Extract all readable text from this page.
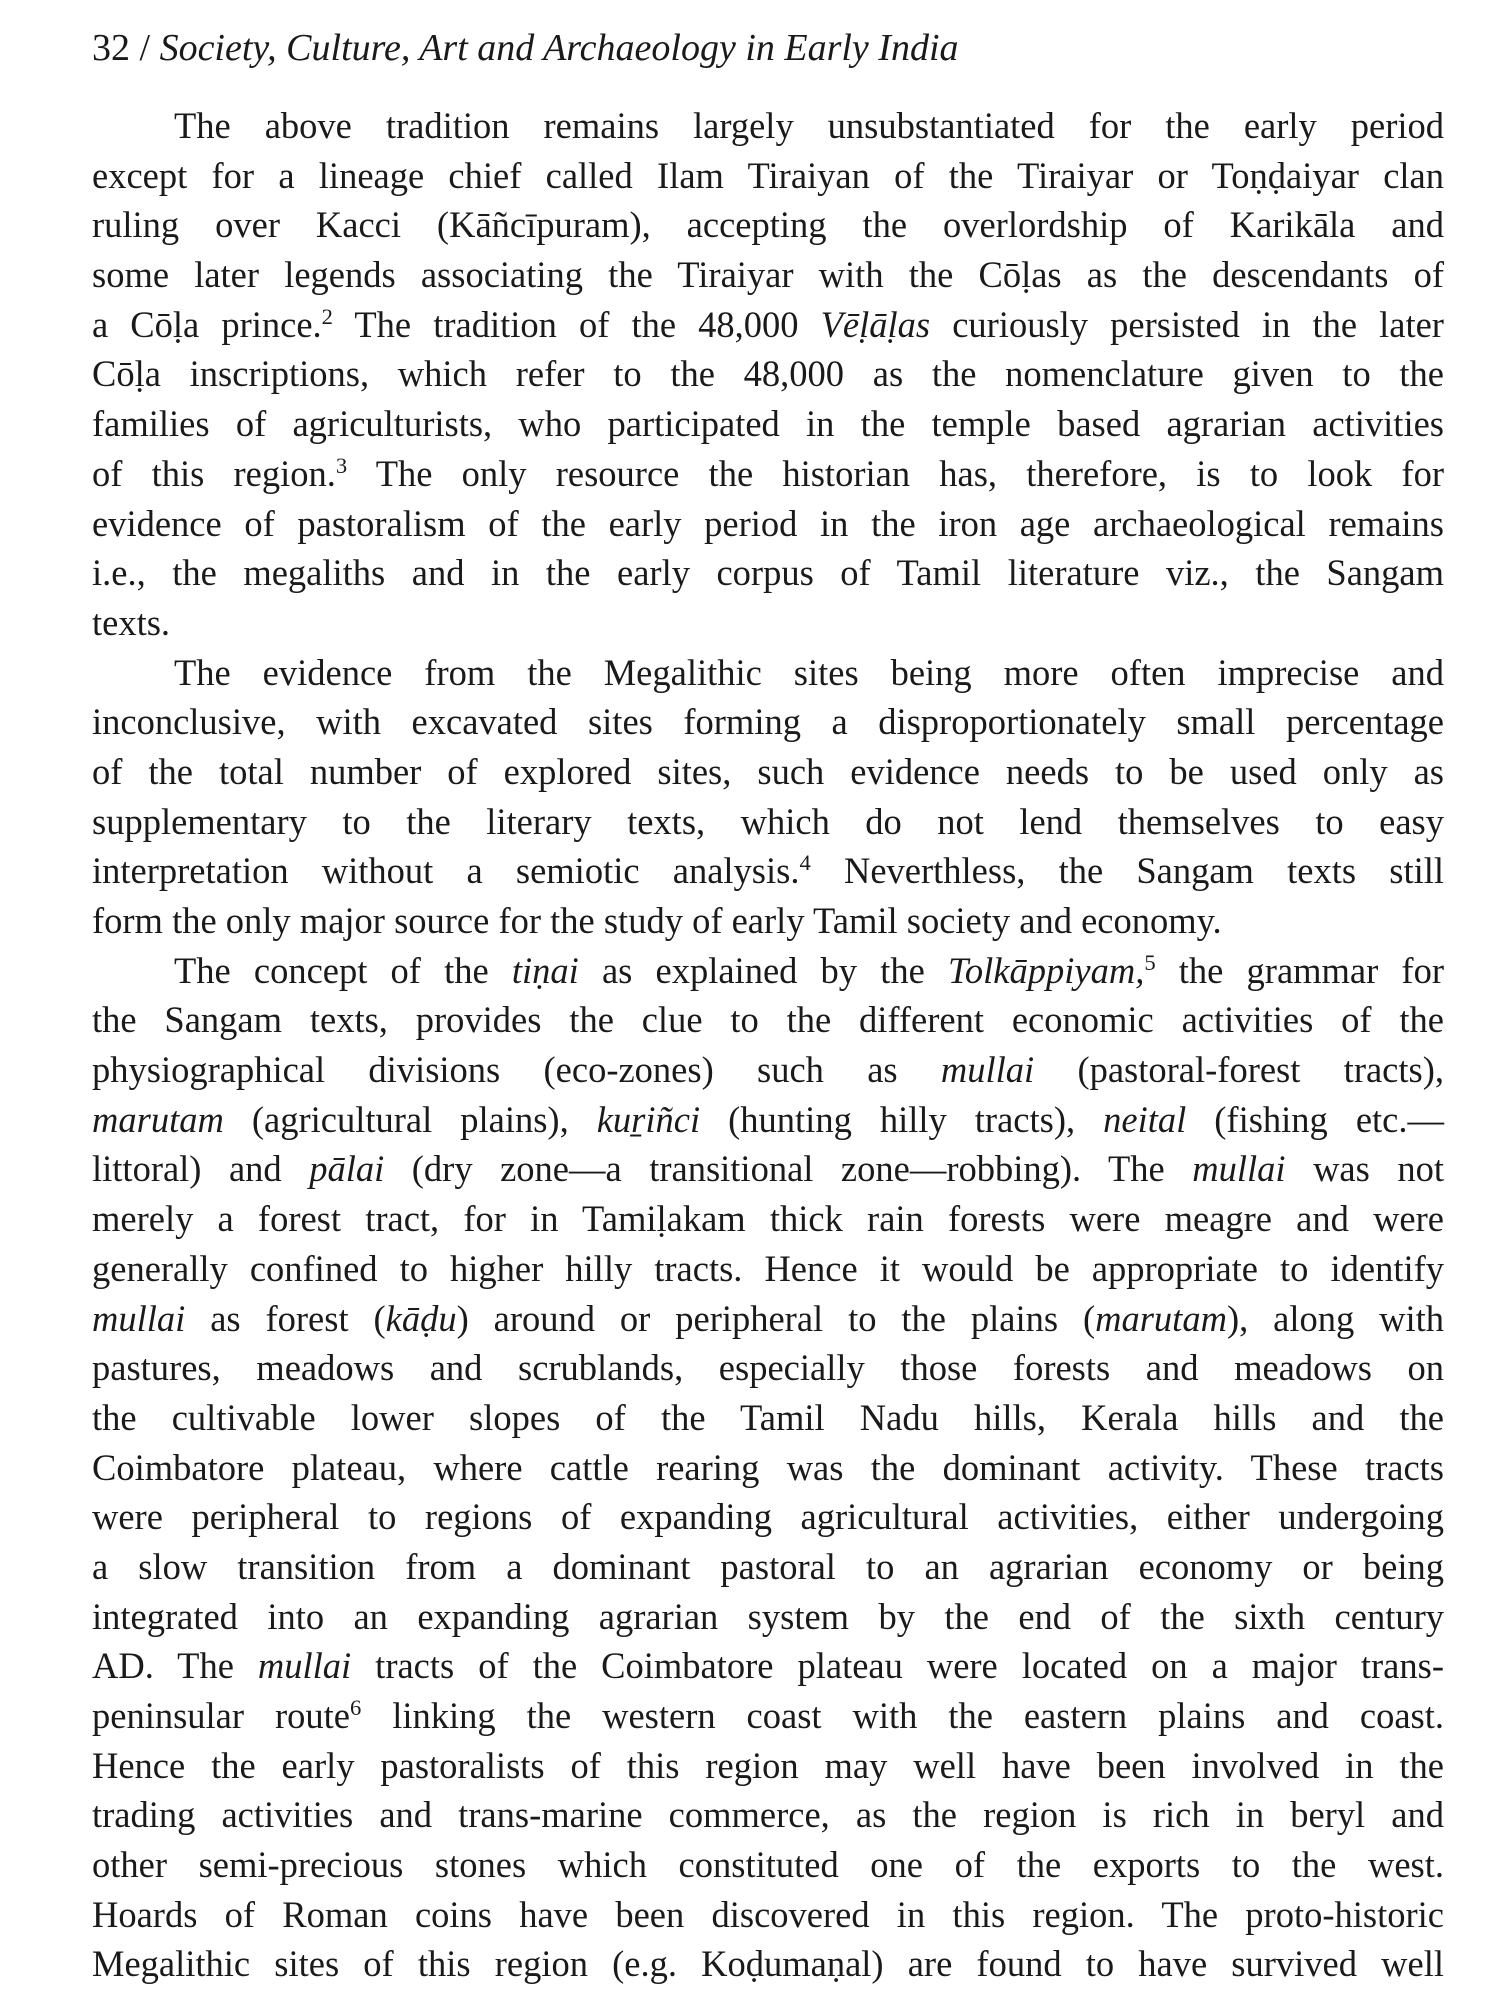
32 / Society, Culture, Art and Archaeology in Early India
The above tradition remains largely unsubstantiated for the early period
except for a lineage chief called Ilam Tiraiyan of the Tiraiyar or Toṇḍaiyar clan
ruling over Kacci (Kāñcīpuram), accepting the overlordship of Karikāla and
some later legends associating the Tiraiyar with the Cōḷas as the descendants of
a Cōḷa prince.$^2$ The tradition of the 48,000 Vēḷāḷas curiously persisted in the later
Cōḷa inscriptions, which refer to the 48,000 as the nomenclature given to the
families of agriculturists, who participated in the temple based agrarian activities
of this region.$^3$ The only resource the historian has, therefore, is to look for
evidence of pastoralism of the early period in the iron age archaeological remains
i.e., the megaliths and in the early corpus of Tamil literature viz., the Sangam
texts.
The evidence from the Megalithic sites being more often imprecise and
inconclusive, with excavated sites forming a disproportionately small percentage
of the total number of explored sites, such evidence needs to be used only as
supplementary to the literary texts, which do not lend themselves to easy
interpretation without a semiotic analysis.$^4$ Neverthless, the Sangam texts still
form the only major source for the study of early Tamil society and economy.
The concept of the tiṇai as explained by the Tolkāppiyam,$^5$ the grammar for
the Sangam texts, provides the clue to the different economic activities of the
physiographical divisions (eco-zones) such as mullai (pastoral-forest tracts),
marutam (agricultural plains), kuṟiñci (hunting hilly tracts), neital (fishing etc.—
littoral) and pālai (dry zone—a transitional zone—robbing). The mullai was not
merely a forest tract, for in Tamiḷakam thick rain forests were meagre and were
generally confined to higher hilly tracts. Hence it would be appropriate to identify
mullai as forest (kāḍu) around or peripheral to the plains (marutam), along with
pastures, meadows and scrublands, especially those forests and meadows on
the cultivable lower slopes of the Tamil Nadu hills, Kerala hills and the
Coimbatore plateau, where cattle rearing was the dominant activity. These tracts
were peripheral to regions of expanding agricultural activities, either undergoing
a slow transition from a dominant pastoral to an agrarian economy or being
integrated into an expanding agrarian system by the end of the sixth century
AD. The mullai tracts of the Coimbatore plateau were located on a major trans-
peninsular route$^6$ linking the western coast with the eastern plains and coast.
Hence the early pastoralists of this region may well have been involved in the
trading activities and trans-marine commerce, as the region is rich in beryl and
other semi-precious stones which constituted one of the exports to the west.
Hoards of Roman coins have been discovered in this region. The proto-historic
Megalithic sites of this region (e.g. Koḍumaṇal) are found to have survived well
